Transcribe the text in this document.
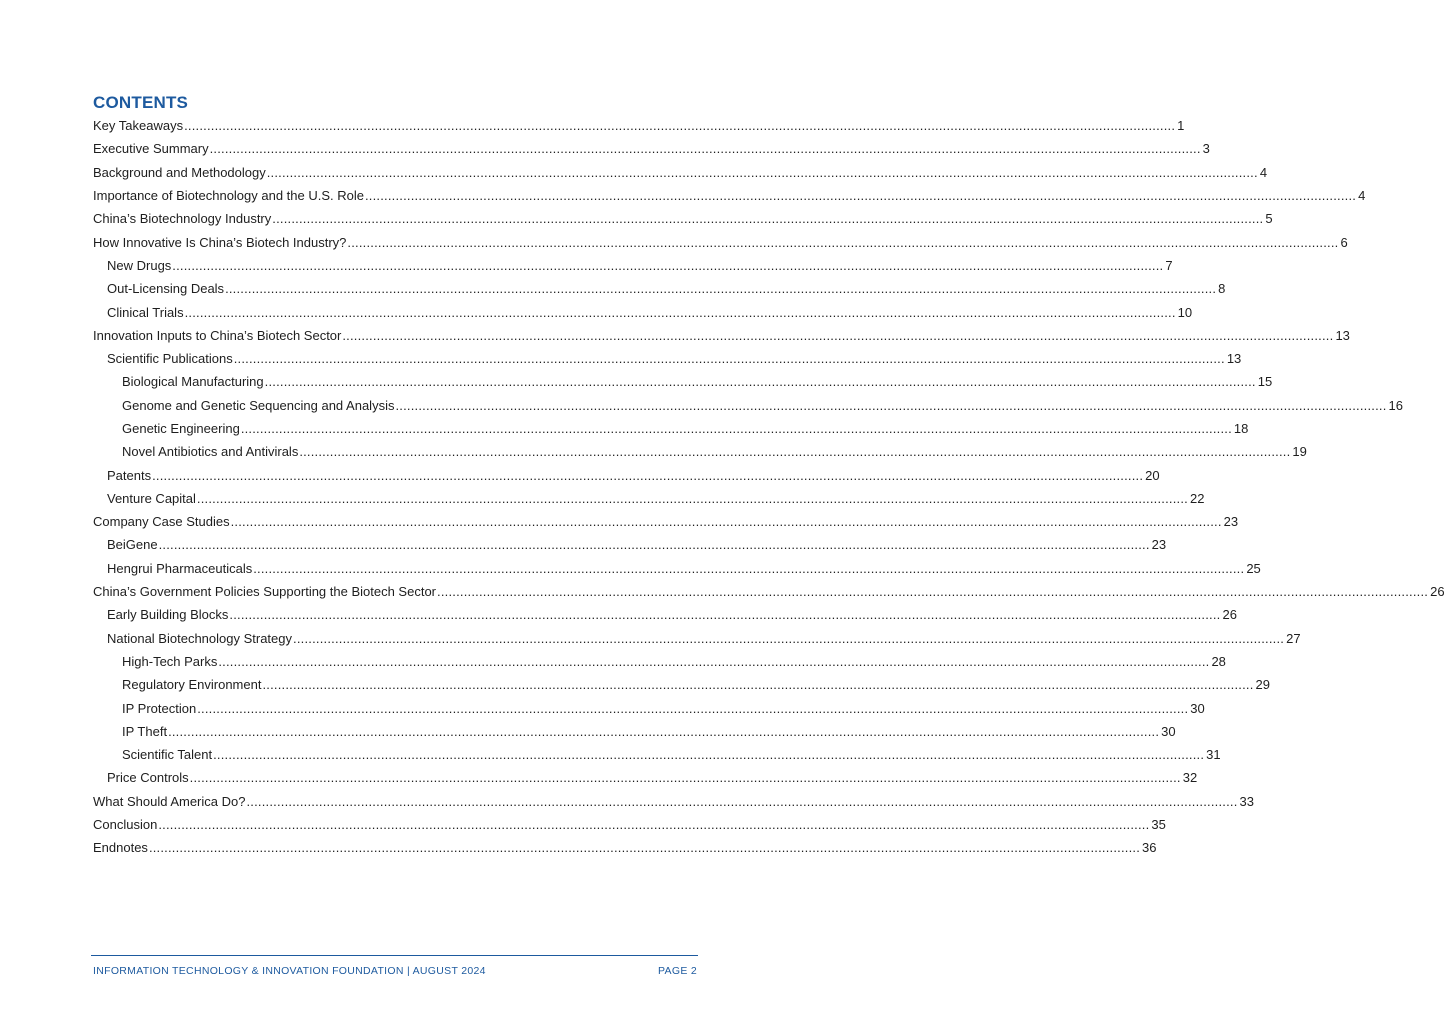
CONTENTS
Key Takeaways .................................................................................................................................................................................................................................................................... 1
Executive Summary .................................................................................................................................................................................................................................................................... 3
Background and Methodology .................................................................................................................................................................................................................................................................... 4
Importance of Biotechnology and the U.S. Role .................................................................................................................................................................................................................................................................... 4
China’s Biotechnology Industry .................................................................................................................................................................................................................................................................... 5
How Innovative Is China’s Biotech Industry? .................................................................................................................................................................................................................................................................... 6
New Drugs .................................................................................................................................................................................................................................................................... 7
Out-Licensing Deals .................................................................................................................................................................................................................................................................... 8
Clinical Trials .................................................................................................................................................................................................................................................................... 10
Innovation Inputs to China’s Biotech Sector .................................................................................................................................................................................................................................................................... 13
Scientific Publications .................................................................................................................................................................................................................................................................... 13
Biological Manufacturing .................................................................................................................................................................................................................................................................... 15
Genome and Genetic Sequencing and Analysis .................................................................................................................................................................................................................................................................... 16
Genetic Engineering .................................................................................................................................................................................................................................................................... 18
Novel Antibiotics and Antivirals .................................................................................................................................................................................................................................................................... 19
Patents .................................................................................................................................................................................................................................................................... 20
Venture Capital .................................................................................................................................................................................................................................................................... 22
Company Case Studies .................................................................................................................................................................................................................................................................... 23
BeiGene .................................................................................................................................................................................................................................................................... 23
Hengrui Pharmaceuticals .................................................................................................................................................................................................................................................................... 25
China’s Government Policies Supporting the Biotech Sector .................................................................................................................................................................................................................................................................... 26
Early Building Blocks .................................................................................................................................................................................................................................................................... 26
National Biotechnology Strategy .................................................................................................................................................................................................................................................................... 27
High-Tech Parks .................................................................................................................................................................................................................................................................... 28
Regulatory Environment .................................................................................................................................................................................................................................................................... 29
IP Protection .................................................................................................................................................................................................................................................................... 30
IP Theft .................................................................................................................................................................................................................................................................... 30
Scientific Talent .................................................................................................................................................................................................................................................................... 31
Price Controls .................................................................................................................................................................................................................................................................... 32
What Should America Do? .................................................................................................................................................................................................................................................................... 33
Conclusion .................................................................................................................................................................................................................................................................... 35
Endnotes .................................................................................................................................................................................................................................................................... 36
INFORMATION TECHNOLOGY & INNOVATION FOUNDATION | AUGUST 2024	PAGE 2
